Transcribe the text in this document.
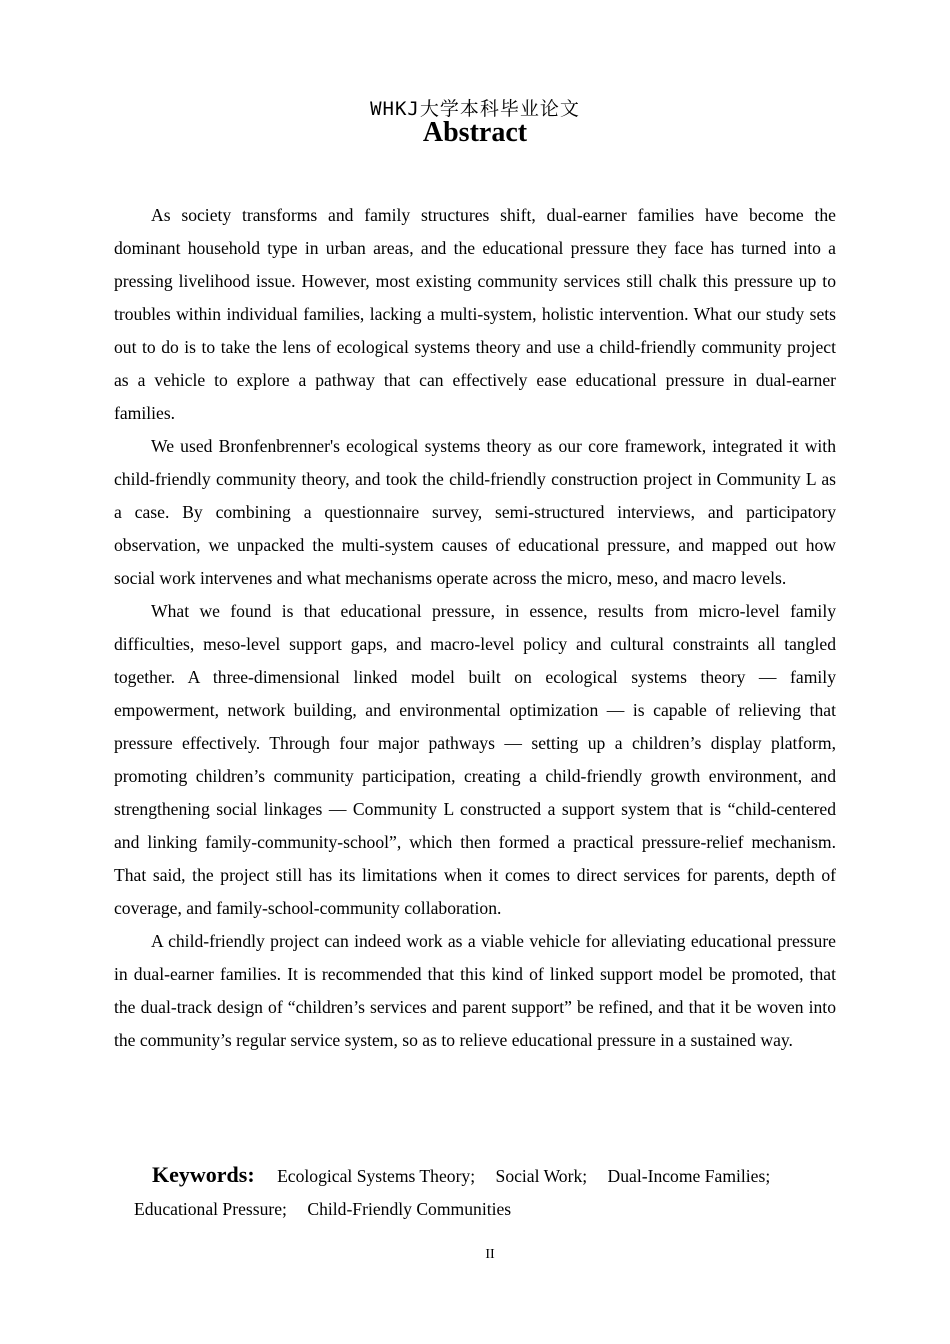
WHKJ大学本科毕业论文
Abstract

As society transforms and family structures shift, dual-earner families have become the dominant household type in urban areas, and the educational pressure they face has turned into a pressing livelihood issue. However, most existing community services still chalk this pressure up to troubles within individual families, lacking a multi-system, holistic intervention. What our study sets out to do is to take the lens of ecological systems theory and use a child-friendly community project as a vehicle to explore a pathway that can effectively ease educational pressure in dual-earner families.

We used Bronfenbrenner's ecological systems theory as our core framework, integrated it with child-friendly community theory, and took the child-friendly construction project in Community L as a case. By combining a questionnaire survey, semi-structured interviews, and participatory observation, we unpacked the multi-system causes of educational pressure, and mapped out how social work intervenes and what mechanisms operate across the micro, meso, and macro levels.

What we found is that educational pressure, in essence, results from micro-level family difficulties, meso-level support gaps, and macro-level policy and cultural constraints all tangled together. A three-dimensional linked model built on ecological systems theory — family empowerment, network building, and environmental optimization — is capable of relieving that pressure effectively. Through four major pathways — setting up a children’s display platform, promoting children’s community participation, creating a child-friendly growth environment, and strengthening social linkages — Community L constructed a support system that is “child-centered and linking family-community-school”, which then formed a practical pressure-relief mechanism. That said, the project still has its limitations when it comes to direct services for parents, depth of coverage, and family-school-community collaboration.

A child-friendly project can indeed work as a viable vehicle for alleviating educational pressure in dual-earner families. It is recommended that this kind of linked support model be promoted, that the dual-track design of “children’s services and parent support” be refined, and that it be woven into the community’s regular service system, so as to relieve educational pressure in a sustained way.

Keywords: Ecological Systems Theory; Social Work; Dual-Income Families;
Educational Pressure; Child-Friendly Communities
II
